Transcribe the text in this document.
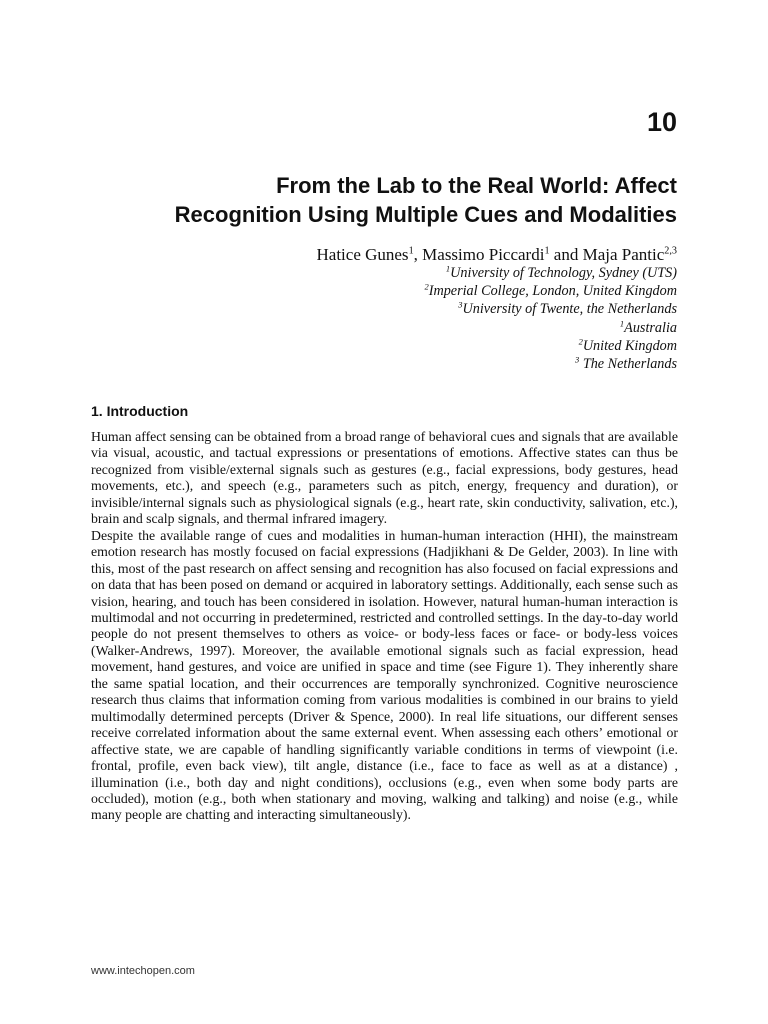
10
From the Lab to the Real World: Affect
Recognition Using Multiple Cues and Modalities
Hatice Gunes$^1$, Massimo Piccardi$^1$ and Maja Pantic$^{2,3}$
$^1$University of Technology, Sydney (UTS)
$^2$Imperial College, London, United Kingdom
$^3$University of Twente, the Netherlands
$^1$Australia
$^2$United Kingdom
$^3$ The Netherlands
1. Introduction

Human affect sensing can be obtained from a broad range of behavioral cues and signals that are available via visual, acoustic, and tactual expressions or presentations of emotions. Affective states can thus be recognized from visible/external signals such as gestures (e.g., facial expressions, body gestures, head movements, etc.), and speech (e.g., parameters such as pitch, energy, frequency and duration), or invisible/internal signals such as physiological signals (e.g., heart rate, skin conductivity, salivation, etc.), brain and scalp signals, and thermal infrared imagery.

Despite the available range of cues and modalities in human-human interaction (HHI), the mainstream emotion research has mostly focused on facial expressions (Hadjikhani & De Gelder, 2003). In line with this, most of the past research on affect sensing and recognition has also focused on facial expressions and on data that has been posed on demand or acquired in laboratory settings. Additionally, each sense such as vision, hearing, and touch has been considered in isolation. However, natural human-human interaction is multimodal and not occurring in predetermined, restricted and controlled settings. In the day-to-day world people do not present themselves to others as voice- or body-less faces or face- or body-less voices (Walker-Andrews, 1997). Moreover, the available emotional signals such as facial expression, head movement, hand gestures, and voice are unified in space and time (see Figure 1). They inherently share the same spatial location, and their occurrences are temporally synchronized. Cognitive neuroscience research thus claims that information coming from various modalities is combined in our brains to yield multimodally determined percepts (Driver & Spence, 2000). In real life situations, our different senses receive correlated information about the same external event. When assessing each others’ emotional or affective state, we are capable of handling significantly variable conditions in terms of viewpoint (i.e. frontal, profile, even back view), tilt angle, distance (i.e., face to face as well as at a distance) , illumination (i.e., both day and night conditions), occlusions (e.g., even when some body parts are occluded), motion (e.g., both when stationary and moving, walking and talking) and noise (e.g., while many people are chatting and interacting simultaneously).

www.intechopen.com
